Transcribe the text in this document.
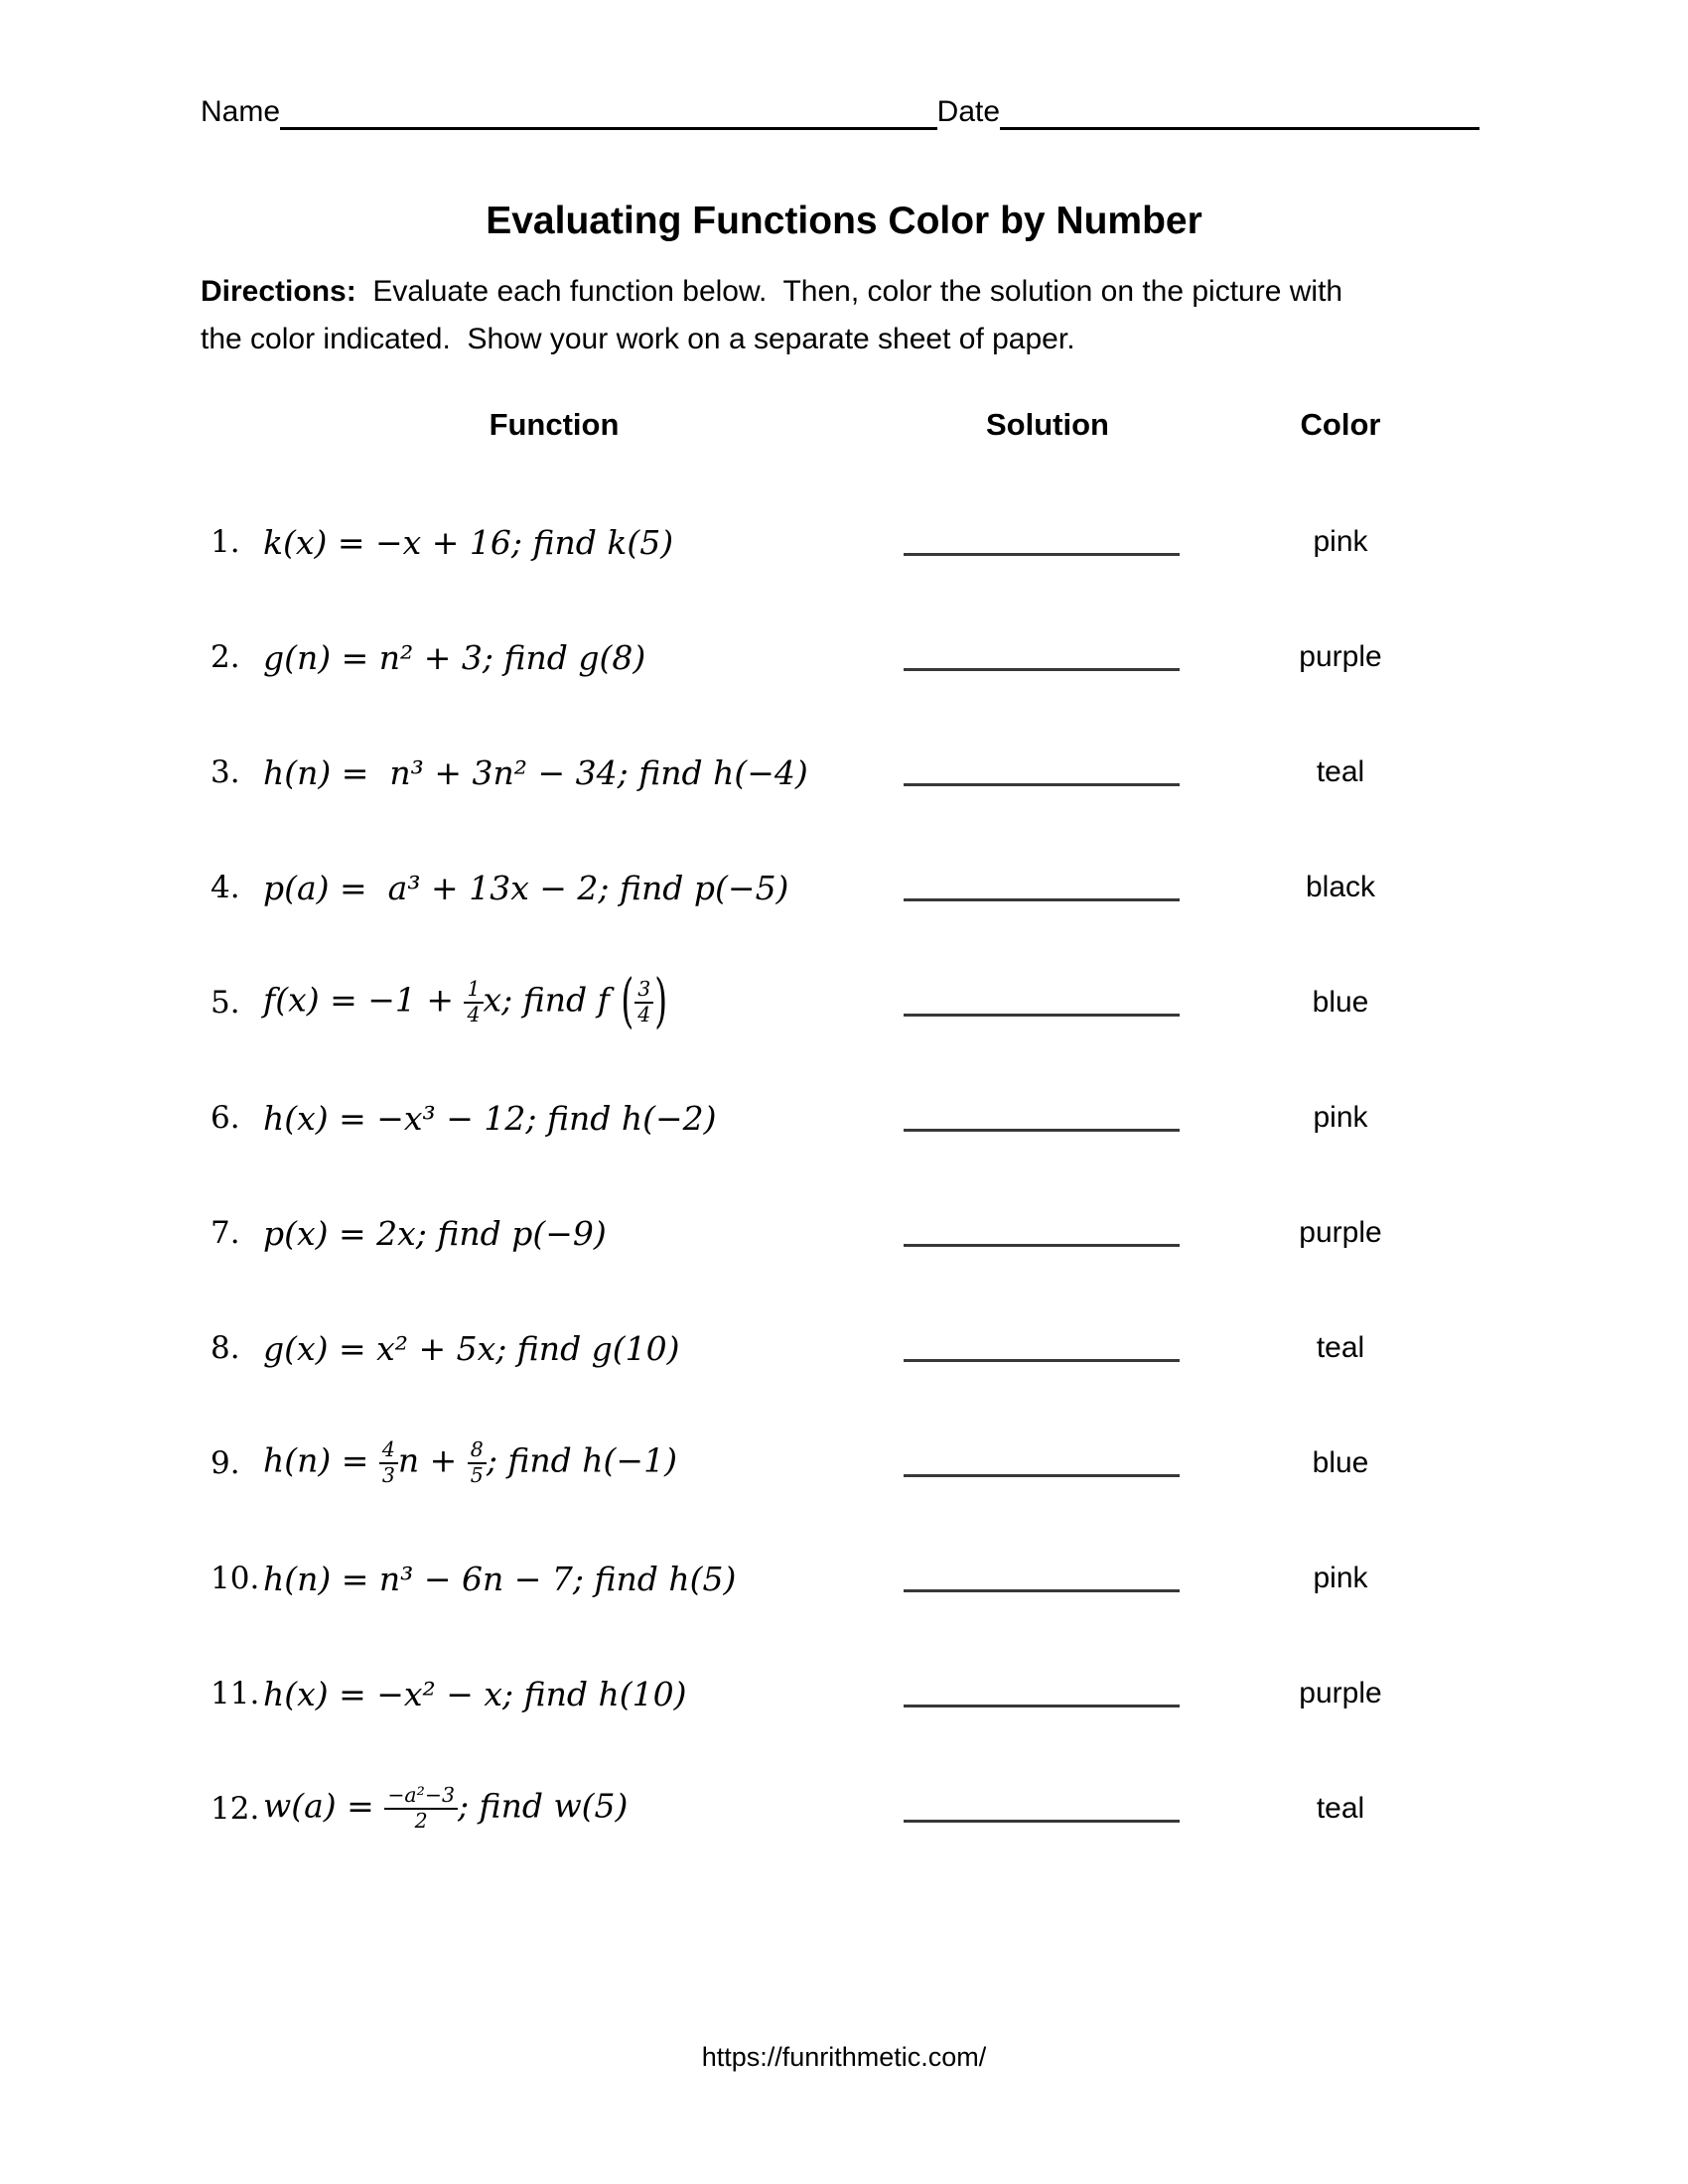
Name	Date
Evaluating Functions Color by Number

Directions:  Evaluate each function below.  Then, color the solution on the picture with
the color indicated.  Show your work on a separate sheet of paper.

Function	Solution	Color
1. k(x) = −x + 16; find k(5)	pink
2. g(n) = n² + 3; find g(8)	purple
3. h(n) =  n³ + 3n² − 34; find h(−4)	teal
4. p(a) =  a³ + 13x − 2; find p(−5)	black
5. $f(x) = -1 + \frac{1}{4} x$; find f ( $\frac{3}{4}$ )	blue
6. h(x) = −x³ − 12; find h(−2)	pink
7. p(x) = 2x; find p(−9)	purple
8. g(x) = x² + 5x; find g(10)	teal
9. $h(n) = \frac{4}{3}$ $n + \frac{8}{5}$ ; find h(−1)	blue
10. h(n) = n³ − 6n − 7; find h(5)	pink
11. h(x) = −x² − x; find h(10)	purple
12. $w(a) = \frac{\text{−a²−3}}{2}$ ; find w(5)	teal
https://funrithmetic.com/
